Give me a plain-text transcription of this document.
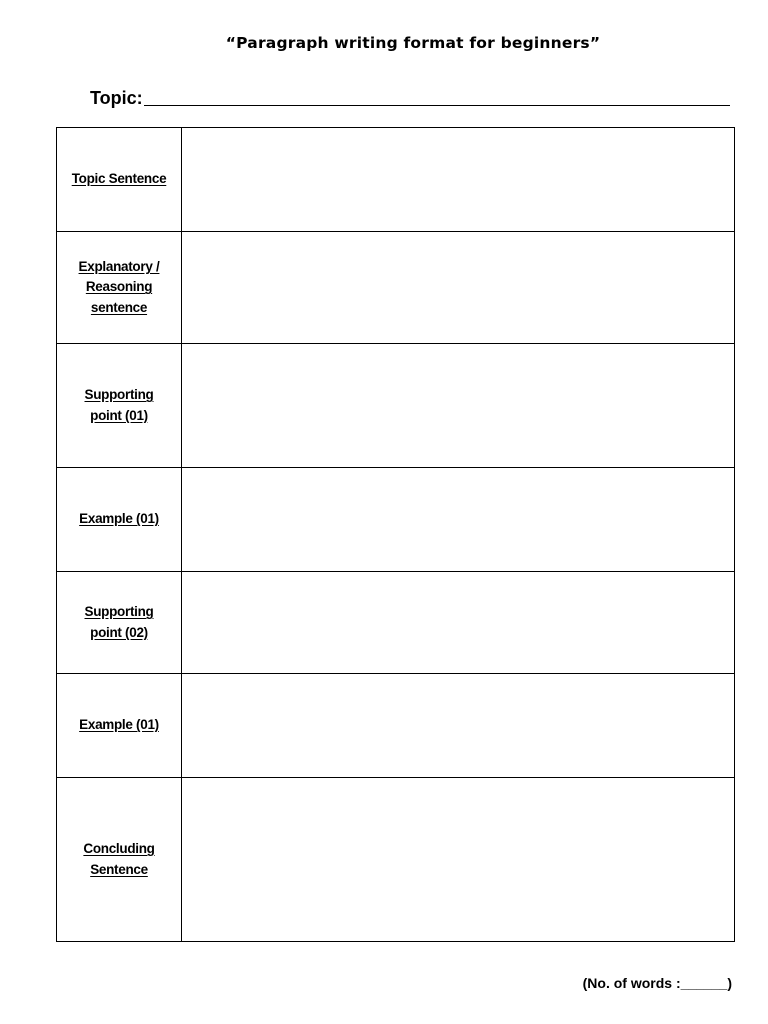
“Paragraph writing format for beginners”
Topic:
Topic Sentence	
Explanatory / Reasoning sentence	
Supporting point (01)	
Example (01)	
Supporting point (02)	
Example (01)	
Concluding Sentence	
(No. of words :______)
